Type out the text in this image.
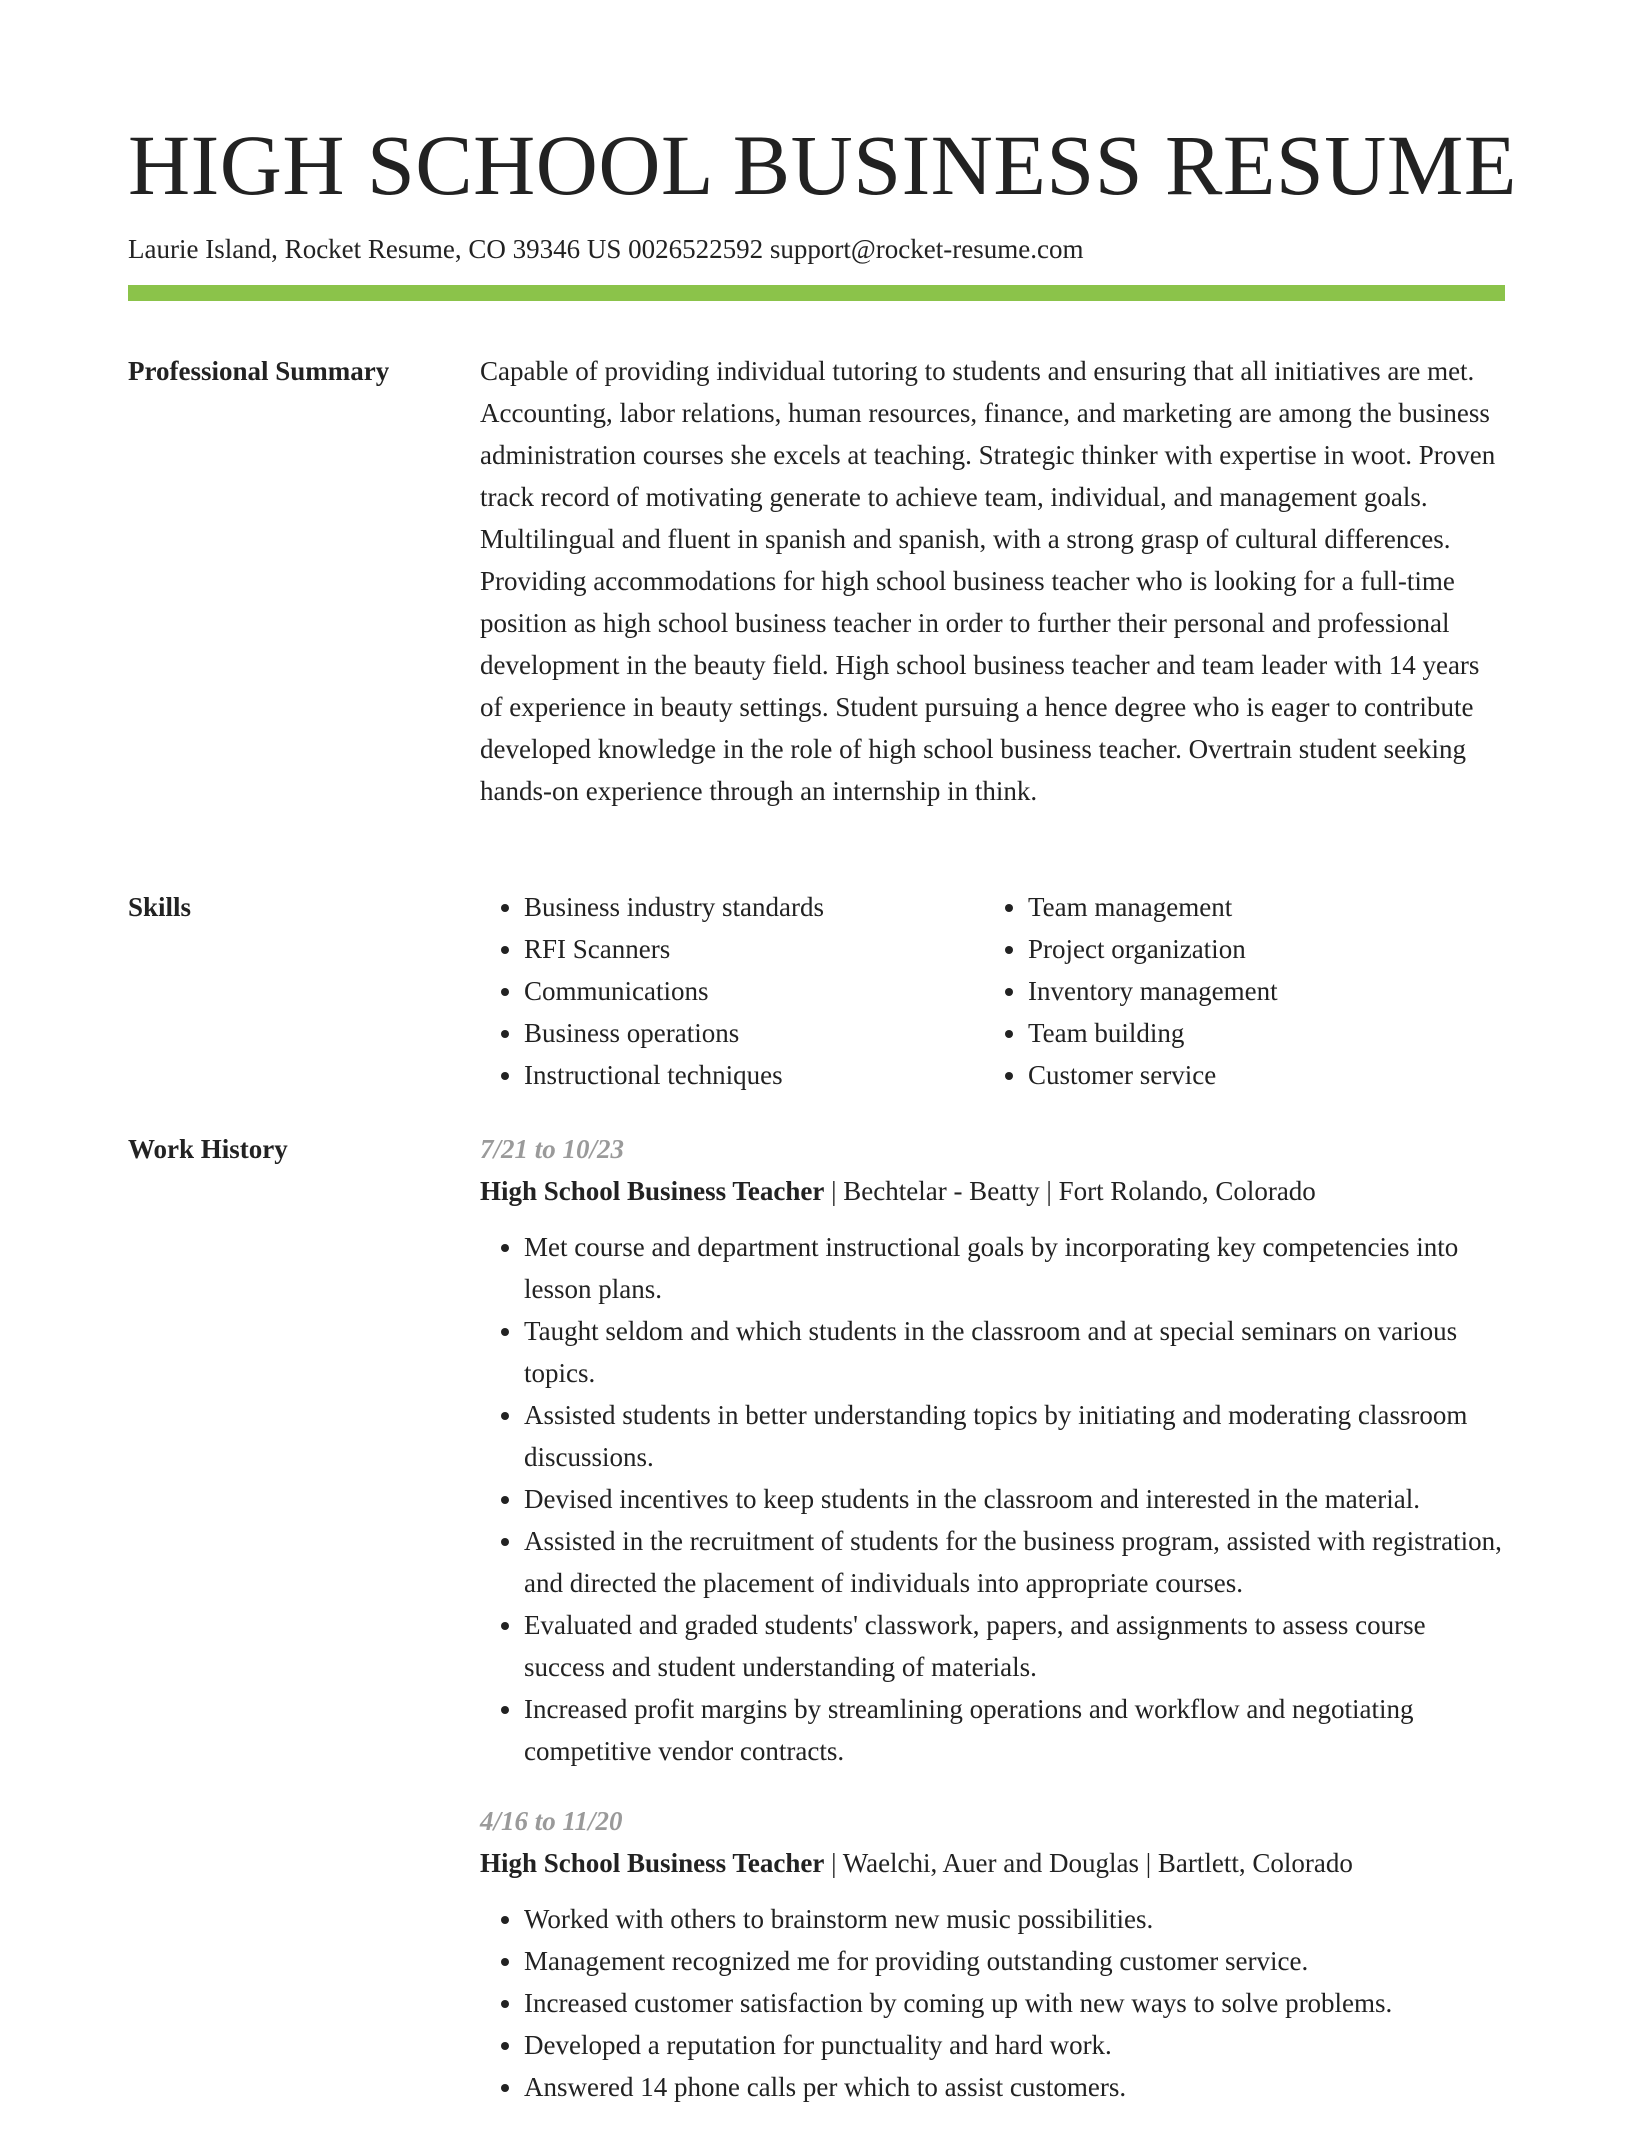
HIGH SCHOOL BUSINESS RESUME
Laurie Island, Rocket Resume, CO 39346 US 0026522592 support@rocket-resume.com
Professional Summary	Capable of providing individual tutoring to students and ensuring that all initiatives are met. Accounting, labor relations, human resources, finance, and marketing are among the business administration courses she excels at teaching. Strategic thinker with expertise in woot. Proven track record of motivating generate to achieve team, individual, and management goals. Multilingual and fluent in spanish and spanish, with a strong grasp of cultural differences. Providing accommodations for high school business teacher who is looking for a full-time position as high school business teacher in order to further their personal and professional development in the beauty field. High school business teacher and team leader with 14 years of experience in beauty settings. Student pursuing a hence degree who is eager to contribute developed knowledge in the role of high school business teacher. Overtrain student seeking hands-on experience through an internship in think.

Skills
•	Business industry standards
• RFI Scanners
• Communications
• Business operations
• Instructional techniques
• Team management
• Project organization
• Inventory management
• Team building
• Customer service
Work History	7/21 to 10/23
High School Business Teacher | Bechtelar - Beatty | Fort Rolando, Colorado
• Met course and department instructional goals by incorporating key competencies into lesson plans.
• Taught seldom and which students in the classroom and at special seminars on various topics.
• Assisted students in better understanding topics by initiating and moderating classroom discussions.
• Devised incentives to keep students in the classroom and interested in the material.
• Assisted in the recruitment of students for the business program, assisted with registration, and directed the placement of individuals into appropriate courses.
• Evaluated and graded students' classwork, papers, and assignments to assess course success and student understanding of materials.
• Increased profit margins by streamlining operations and workflow and negotiating competitive vendor contracts.
4/16 to 11/20
High School Business Teacher | Waelchi, Auer and Douglas | Bartlett, Colorado
• Worked with others to brainstorm new music possibilities.
• Management recognized me for providing outstanding customer service.
• Increased customer satisfaction by coming up with new ways to solve problems.
• Developed a reputation for punctuality and hard work.
• Answered 14 phone calls per which to assist customers.
